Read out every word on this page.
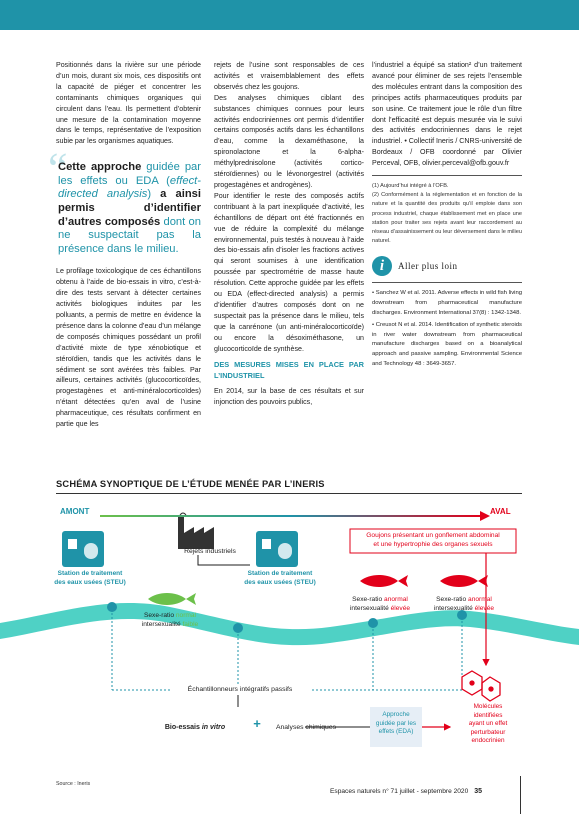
Positionnés dans la rivière sur une période d’un mois, durant six mois, ces dispositifs ont la capacité de piéger et concentrer les contaminants chimiques organiques qui circulent dans l’eau. Ils permettent d’obtenir une mesure de la contamination moyenne dans le temps, représentative de l’exposition subie par les organismes aquatiques.

“
Cette approche guidée par les effets ou EDA (effect-directed analysis) a ainsi permis d’identifier d’autres composés dont on ne suspectait pas la présence dans le milieu.

Le profilage toxicologique de ces échantillons obtenu à l’aide de bio-essais in vitro, c’est-à-dire des tests servant à détecter certaines activités biologiques induites par les polluants, a permis de mettre en évidence la présence dans la colonne d’eau d’un mélange de composés chimiques possédant un profil d’activité mixte de type xénobiotique et stéroïdien, tandis que les activités dans le sédiment se sont avérées très faibles. Par ailleurs, certaines activités (glucocorticoïdes, progestagènes et anti-minéralocorticoïdes) n’étant détectées qu’en aval de l’usine pharmaceutique, ces résultats confirment en partie que les

rejets de l’usine sont responsables de ces activités et vraisemblablement des effets observés chez les goujons.

Des analyses chimiques ciblant des substances chimiques connues pour leurs activités endocriniennes ont permis d’identifier certains composés actifs dans les échantillons d’eau, comme la dexaméthasone, la spironolactone et la 6-alpha-méthylprednisolone (activités cortico-stéroïdiennes) ou le lévonorgestrel (activités progestagènes et androgènes).

Pour identifier le reste des composés actifs contribuant à la part inexpliquée d’activité, les échantillons de départ ont été fractionnés en vue de réduire la complexité du mélange environnemental, puis testés à nouveau à l’aide des bio-essais afin d’isoler les fractions actives qui seront soumises à une identification poussée par spectrométrie de masse haute résolution. Cette approche guidée par les effets ou EDA (effect-directed analysis) a permis d’identifier d’autres composés dont on ne suspectait pas la présence dans le milieu, tels que la canrénone (un anti-minéralocorticoïde) ou encore la désoximéthasone, un glucocorticoïde de synthèse.

DES MESURES MISES EN PLACE PAR L’INDUSTRIEL

En 2014, sur la base de ces résultats et sur injonction des pouvoirs publics,

l’industriel a équipé sa station² d’un traitement avancé pour éliminer de ses rejets l’ensemble des molécules entrant dans la composition des principes actifs pharmaceutiques produits par son usine. Ce traitement joue le rôle d’un filtre dont l’efficacité est depuis mesurée via le suivi des activités endocriniennes dans le rejet industriel. • Collectif Ineris / CNRS-université de Bordeaux / OFB coordonné par Olivier Perceval, OFB, olivier.perceval@ofb.gouv.fr

(1) Aujourd’hui intégré à l’OFB.
(2) Conformément à la réglementation et en fonction de la nature et la quantité des produits qu’il emploie dans son process industriel, chaque établissement met en place une station pour traiter ses rejets avant leur raccordement au réseau d’assainissement ou leur déversement dans le milieu naturel.
i	Aller plus loin
• Sanchez W et al. 2011. Adverse effects in wild fish living downstream from pharmaceutical manufacture discharges. Environment International 37(8) : 1342-1348.
• Creusot N et al. 2014. Identification of synthetic steroids in river water downstream from pharmaceutical manufacture discharges based on a bioanalytical approach and passive sampling. Environmental Science and Technology 48 : 3649-3657.
SCHÉMA SYNOPTIQUE DE L’ÉTUDE MENÉE PAR L’INERIS
AMONT	AVAL
Rejets industriels
Station de traitement
des eaux usées (STEU)
Station de traitement
des eaux usées (STEU)
Sexe-ratio normal
intersexualité faible
Sexe-ratio anormal
intersexualité élevée
Sexe-ratio anormal
intersexualité élevée
Goujons présentant un gonflement abdominal
et une hypertrophie des organes sexuels
Échantillonneurs intégratifs passifs
Bio-essais in vitro	+	Analyses chimiques
Approche
guidée par les
effets (EDA)
Molécules
identifiées
ayant un effet
perturbateur
endocrinien
Source : Ineris
Espaces naturels n° 71 juillet - septembre 2020 35
